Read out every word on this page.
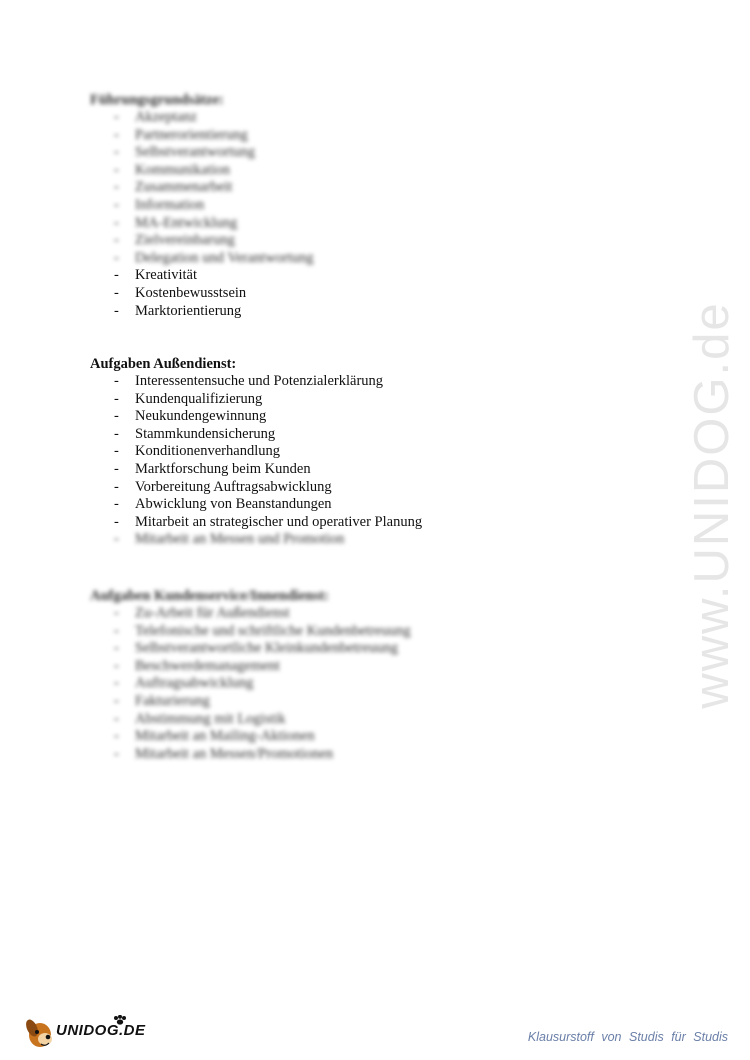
Führungsgrundsätze:
- Akzeptanz
- Partnerorientierung
- Selbstverantwortung
- Kommunikation
- Zusammenarbeit
- Information
- MA-Entwicklung
- Zielvereinbarung
- Delegation und Verantwortung
- Kreativität
- Kostenbewusstsein
- Marktorientierung
Aufgaben Außendienst:
- Interessentensuche und Potenzialerklärung
- Kundenqualifizierung
- Neukundengewinnung
- Stammkundensicherung
- Konditionenverhandlung
- Marktforschung beim Kunden
- Vorbereitung Auftragsabwicklung
- Abwicklung von Beanstandungen
- Mitarbeit an strategischer und operativer Planung
- Mitarbeit an Messen und Promotion
Aufgaben Kundenservice/Innendienst:
- Zu-Arbeit für Außendienst
- Telefonische und schriftliche Kundenbetreuung
- Selbstverantwortliche Kleinkundenbetreuung
- Beschwerdemanagement
- Auftragsabwicklung
- Fakturierung
- Abstimmung mit Logistik
- Mitarbeit an Mailing-Aktionen
- Mitarbeit an Messen/Promotionen
www.UNIDOG.de
UNIDOG.DE	Klausurstoff von Studis für Studis
